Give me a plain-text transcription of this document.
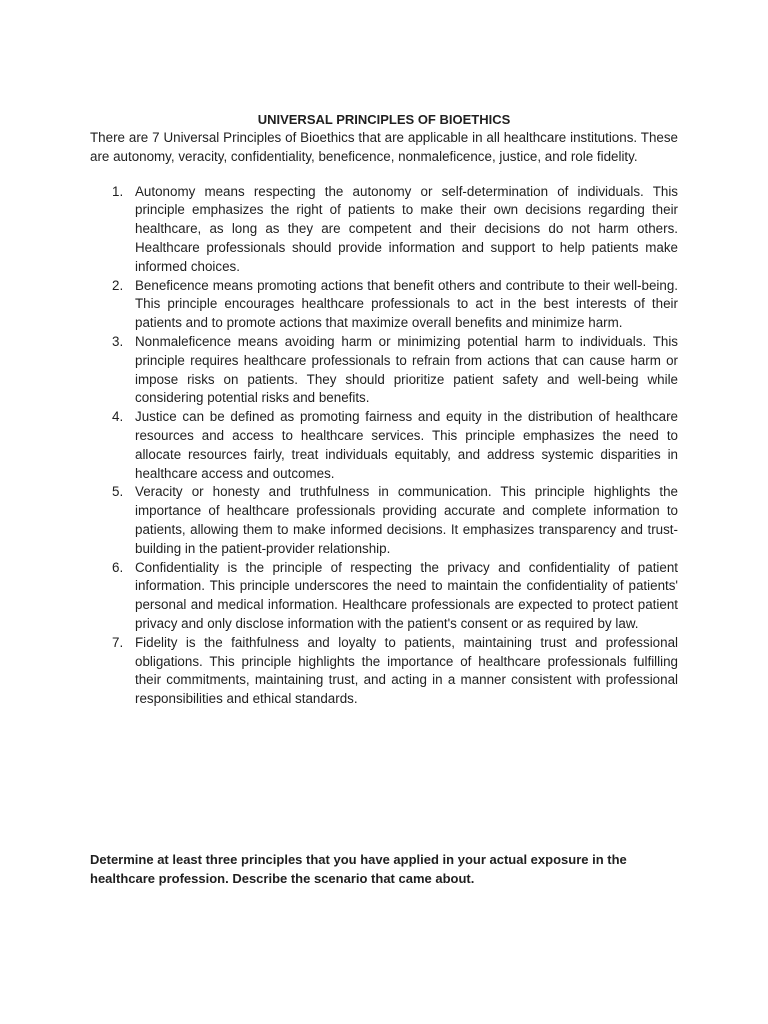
UNIVERSAL PRINCIPLES OF BIOETHICS

There are 7 Universal Principles of Bioethics that are applicable in all healthcare institutions. These are autonomy, veracity, confidentiality, beneficence, nonmaleficence, justice, and role fidelity.

1. Autonomy means respecting the autonomy or self-determination of individuals. This principle emphasizes the right of patients to make their own decisions regarding their healthcare, as long as they are competent and their decisions do not harm others. Healthcare professionals should provide information and support to help patients make informed choices.
2. Beneficence means promoting actions that benefit others and contribute to their well-being. This principle encourages healthcare professionals to act in the best interests of their patients and to promote actions that maximize overall benefits and minimize harm.
3. Nonmaleficence means avoiding harm or minimizing potential harm to individuals. This principle requires healthcare professionals to refrain from actions that can cause harm or impose risks on patients. They should prioritize patient safety and well-being while considering potential risks and benefits.
4. Justice can be defined as promoting fairness and equity in the distribution of healthcare resources and access to healthcare services. This principle emphasizes the need to allocate resources fairly, treat individuals equitably, and address systemic disparities in healthcare access and outcomes.
5. Veracity or honesty and truthfulness in communication. This principle highlights the importance of healthcare professionals providing accurate and complete information to patients, allowing them to make informed decisions. It emphasizes transparency and trust-building in the patient-provider relationship.
6. Confidentiality is the principle of respecting the privacy and confidentiality of patient information. This principle underscores the need to maintain the confidentiality of patients' personal and medical information. Healthcare professionals are expected to protect patient privacy and only disclose information with the patient's consent or as required by law.
7. Fidelity is the faithfulness and loyalty to patients, maintaining trust and professional obligations. This principle highlights the importance of healthcare professionals fulfilling their commitments, maintaining trust, and acting in a manner consistent with professional responsibilities and ethical standards.

Determine at least three principles that you have applied in your actual exposure in the healthcare profession. Describe the scenario that came about.
